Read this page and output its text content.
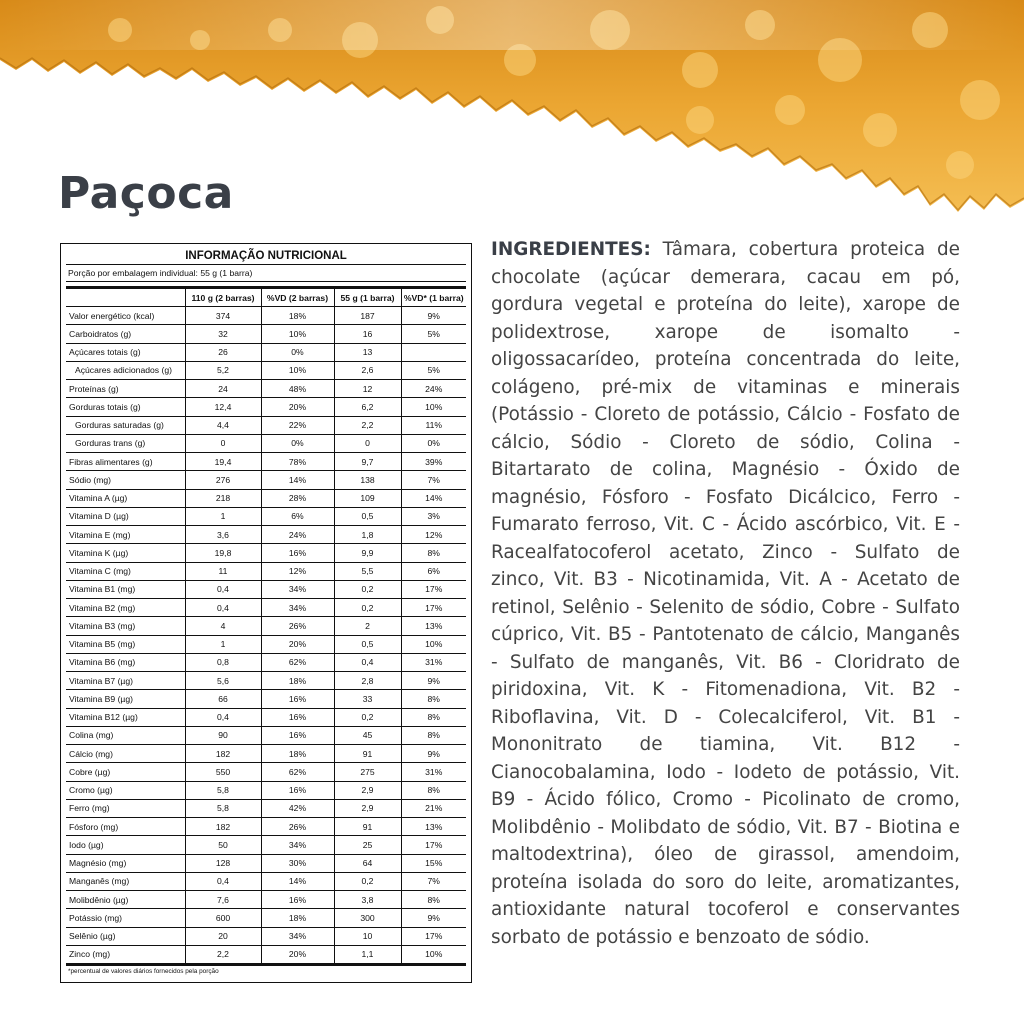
Paçoca
INFORMAÇÃO NUTRICIONAL
Porção por embalagem individual: 55 g (1 barra)
	110 g (2 barras)	%VD (2 barras)	55 g (1 barra)	%VD* (1 barra)
Valor energético (kcal)	374	18%	187	9%
Carboidratos (g)	32	10%	16	5%
Açúcares totais (g)	26	0%	13	
Açúcares adicionados (g)	5,2	10%	2,6	5%
Proteínas (g)	24	48%	12	24%
Gorduras totais (g)	12,4	20%	6,2	10%
Gorduras saturadas (g)	4,4	22%	2,2	11%
Gorduras trans (g)	0	0%	0	0%
Fibras alimentares (g)	19,4	78%	9,7	39%
Sódio (mg)	276	14%	138	7%
Vitamina A (µg)	218	28%	109	14%
Vitamina D (µg)	1	6%	0,5	3%
Vitamina E (mg)	3,6	24%	1,8	12%
Vitamina K (µg)	19,8	16%	9,9	8%
Vitamina C (mg)	11	12%	5,5	6%
Vitamina B1 (mg)	0,4	34%	0,2	17%
Vitamina B2 (mg)	0,4	34%	0,2	17%
Vitamina B3 (mg)	4	26%	2	13%
Vitamina B5 (mg)	1	20%	0,5	10%
Vitamina B6 (mg)	0,8	62%	0,4	31%
Vitamina B7 (µg)	5,6	18%	2,8	9%
Vitamina B9 (µg)	66	16%	33	8%
Vitamina B12 (µg)	0,4	16%	0,2	8%
Colina (mg)	90	16%	45	8%
Cálcio (mg)	182	18%	91	9%
Cobre (µg)	550	62%	275	31%
Cromo (µg)	5,8	16%	2,9	8%
Ferro (mg)	5,8	42%	2,9	21%
Fósforo (mg)	182	26%	91	13%
Iodo (µg)	50	34%	25	17%
Magnésio (mg)	128	30%	64	15%
Manganês (mg)	0,4	14%	0,2	7%
Molibdênio (µg)	7,6	16%	3,8	8%
Potássio (mg)	600	18%	300	9%
Selênio (µg)	20	34%	10	17%
Zinco (mg)	2,2	20%	1,1	10%
*percentual de valores diários fornecidos pela porção
INGREDIENTES: Tâmara, cobertura proteica de chocolate (açúcar demerara, cacau em pó, gordura vegetal e proteína do leite), xarope de polidextrose, xarope de isomalto - oligossacarídeo, proteína concentrada do leite, colágeno, pré-mix de vitaminas e minerais (Potássio - Cloreto de potássio, Cálcio - Fosfato de cálcio, Sódio - Cloreto de sódio, Colina - Bitartarato de colina, Magnésio - Óxido de magnésio, Fósforo - Fosfato Dicálcico, Ferro - Fumarato ferroso, Vit. C - Ácido ascórbico, Vit. E - Racealfatocoferol acetato, Zinco - Sulfato de zinco, Vit. B3 - Nicotinamida, Vit. A - Acetato de retinol, Selênio - Selenito de sódio, Cobre - Sulfato cúprico, Vit. B5 - Pantotenato de cálcio, Manganês - Sulfato de manganês, Vit. B6 - Cloridrato de piridoxina, Vit. K - Fitomenadiona, Vit. B2 - Riboflavina, Vit. D - Colecalciferol, Vit. B1 - Mononitrato de tiamina, Vit. B12 - Cianocobalamina, Iodo - Iodeto de potássio, Vit. B9 - Ácido fólico, Cromo - Picolinato de cromo, Molibdênio - Molibdato de sódio, Vit. B7 - Biotina e maltodextrina), óleo de girassol, amendoim, proteína isolada do soro do leite, aromatizantes, antioxidante natural tocoferol e conservantes sorbato de potássio e benzoato de sódio.
